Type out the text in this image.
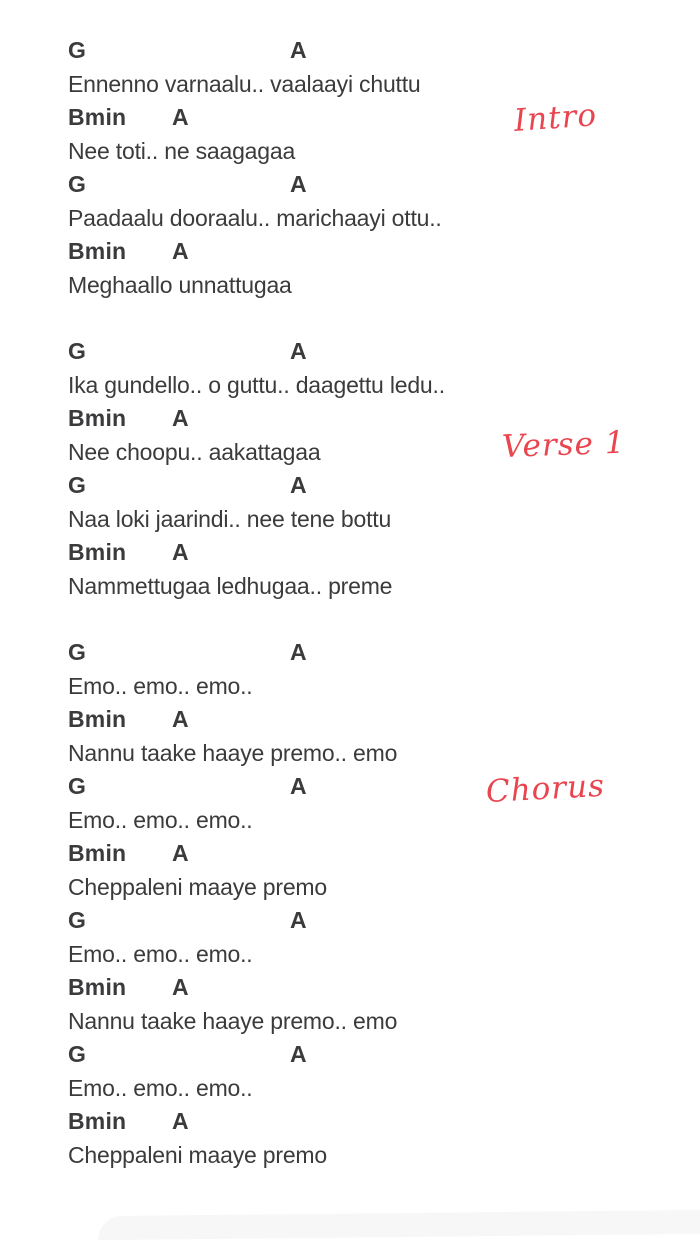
G	A
Ennenno varnaalu.. vaalaayi chuttu
Bmin A
Nee toti.. ne saagagaa
G	A
Paadaalu dooraalu.. marichaayi ottu..
Bmin A
Meghaallo unnattugaa
G	A
Ika gundello.. o guttu.. daagettu ledu..
Bmin A
Nee choopu.. aakattagaa
G	A
Naa loki jaarindi.. nee tene bottu
Bmin A
Nammettugaa ledhugaa.. preme
G	A
Emo.. emo.. emo..
Bmin A
Nannu taake haaye premo.. emo
G	A
Emo.. emo.. emo..
Bmin A
Cheppaleni maaye premo
G	A
Emo.. emo.. emo..
Bmin A
Nannu taake haaye premo.. emo
G	A
Emo.. emo.. emo..
Bmin A
Cheppaleni maaye premo
Intro
Verse 1
Chorus
